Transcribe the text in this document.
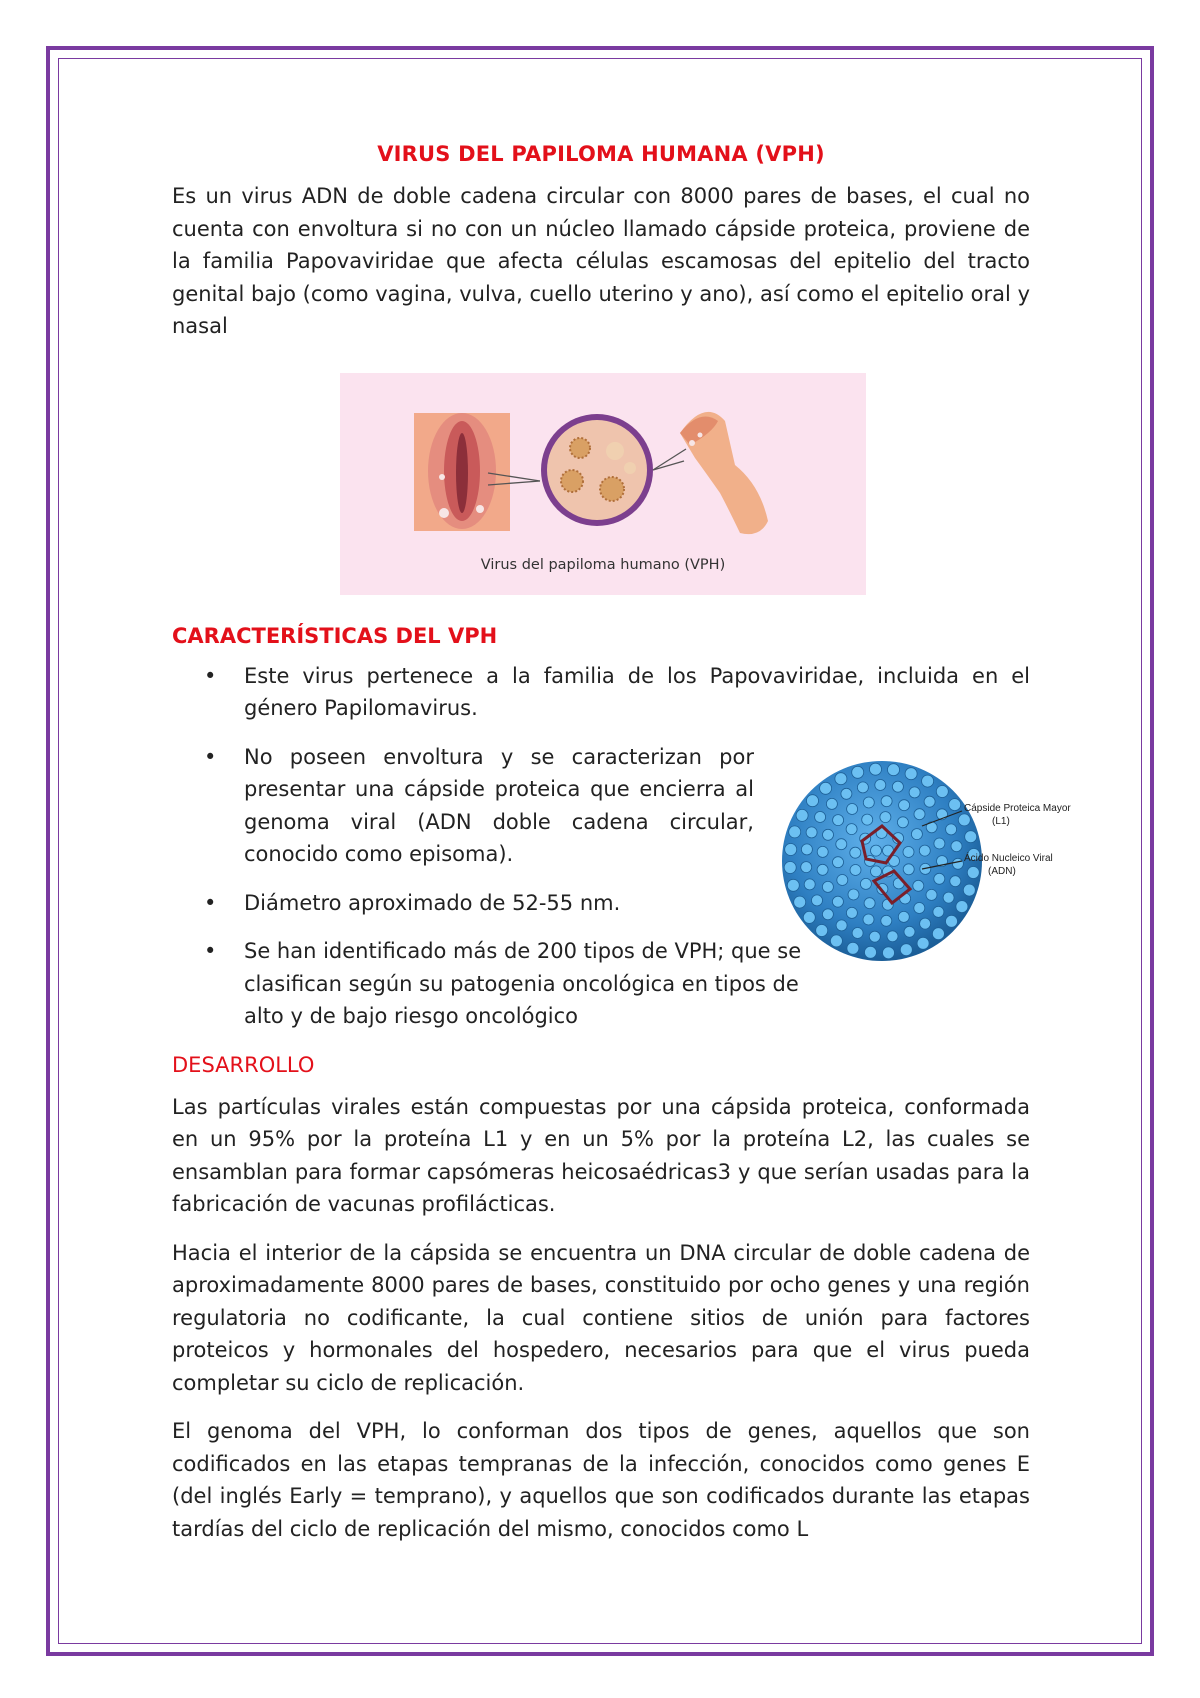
VIRUS DEL PAPILOMA HUMANA (VPH)

Es un virus ADN de doble cadena circular con 8000 pares de bases, el cual no cuenta con envoltura si no con un núcleo llamado cápside proteica, proviene de la familia Papovaviridae que afecta células escamosas del epitelio del tracto genital bajo (como vagina, vulva, cuello uterino y ano), así como el epitelio oral y nasal

Virus del papiloma humano (VPH)
CARACTERÍSTICAS DEL VPH
• Este virus pertenece a la familia de los Papovaviridae, incluida en el género Papilomavirus.
• No poseen envoltura y se caracterizan por presentar una cápside proteica que encierra al genoma viral (ADN doble cadena circular, conocido como episoma).
• Diámetro aproximado de 52-55 nm.
• Se han identificado más de 200 tipos de VPH; que se clasifican según su patogenia oncológica en tipos de alto y de bajo riesgo oncológico
DESARROLLO

Las partículas virales están compuestas por una cápsida proteica, conformada en un 95% por la proteína L1 y en un 5% por la proteína L2, las cuales se ensamblan para formar capsómeras heicosaédricas3 y que serían usadas para la fabricación de vacunas profilácticas.

Hacia el interior de la cápsida se encuentra un DNA circular de doble cadena de aproximadamente 8000 pares de bases, constituido por ocho genes y una región regulatoria no codificante, la cual contiene sitios de unión para factores proteicos y hormonales del hospedero, necesarios para que el virus pueda completar su ciclo de replicación.

El genoma del VPH, lo conforman dos tipos de genes, aquellos que son codificados en las etapas tempranas de la infección, conocidos como genes E (del inglés Early = temprano), y aquellos que son codificados durante las etapas tardías del ciclo de replicación del mismo, conocidos como L

Cápside Proteica Mayor
(L1)
Ácido Nucleico Viral
(ADN)
